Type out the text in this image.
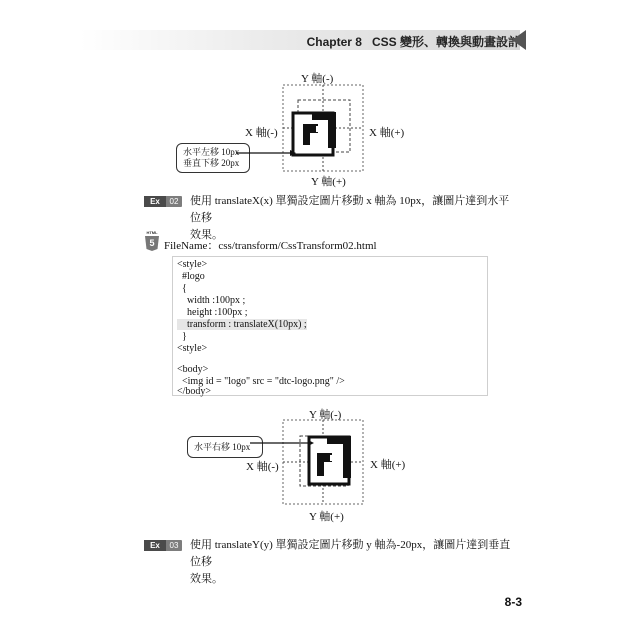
Chapter 8 CSS 變形、轉換與動畫設計
Y 軸(-)
X 軸(-)	X 軸(+)
Y 軸(+)
水平左移 10px
垂直下移 20px
Ex	02	使用 translateX(x) 單獨設定圖片移動 x 軸為 10px，讓圖片達到水平位移
效果。
HTML
5 FileName：css/transform/CssTransform02.html
<style>
#logo
{
width :100px ;
height :100px ;
transform : translateX(10px) ;
}
<style>
<body>
<img id = "logo" src = "dtc-logo.png" />
</body>
Y 軸(-)
X 軸(-)	X 軸(+)
Y 軸(+)
水平右移 10px
Ex	03	使用 translateY(y) 單獨設定圖片移動 y 軸為-20px，讓圖片達到垂直位移
效果。
8-3
